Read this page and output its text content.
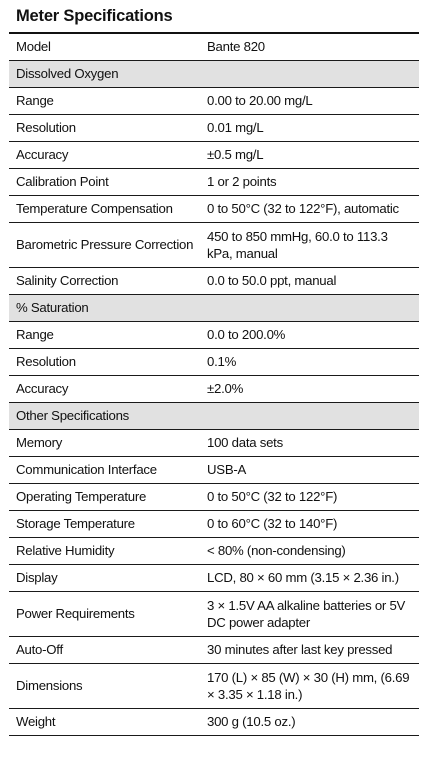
Meter Specifications
Model	Bante 820
Dissolved Oxygen	
Range	0.00 to 20.00 mg/L
Resolution	0.01 mg/L
Accuracy	±0.5 mg/L
Calibration Point	1 or 2 points
Temperature Compensation	0 to 50°C (32 to 122°F), automatic
Barometric Pressure Correction	450 to 850 mmHg, 60.0 to 113.3 kPa, manual
Salinity Correction	0.0 to 50.0 ppt, manual
% Saturation	
Range	0.0 to 200.0%
Resolution	0.1%
Accuracy	±2.0%
Other Specifications	
Memory	100 data sets
Communication Interface	USB-A
Operating Temperature	0 to 50°C (32 to 122°F)
Storage Temperature	0 to 60°C (32 to 140°F)
Relative Humidity	< 80% (non-condensing)
Display	LCD, 80 × 60 mm (3.15 × 2.36 in.)
Power Requirements	3 × 1.5V AA alkaline batteries or 5V DC power adapter
Auto-Off	30 minutes after last key pressed
Dimensions	170 (L) × 85 (W) × 30 (H) mm, (6.69 × 3.35 × 1.18 in.)
Weight	300 g (10.5 oz.)
